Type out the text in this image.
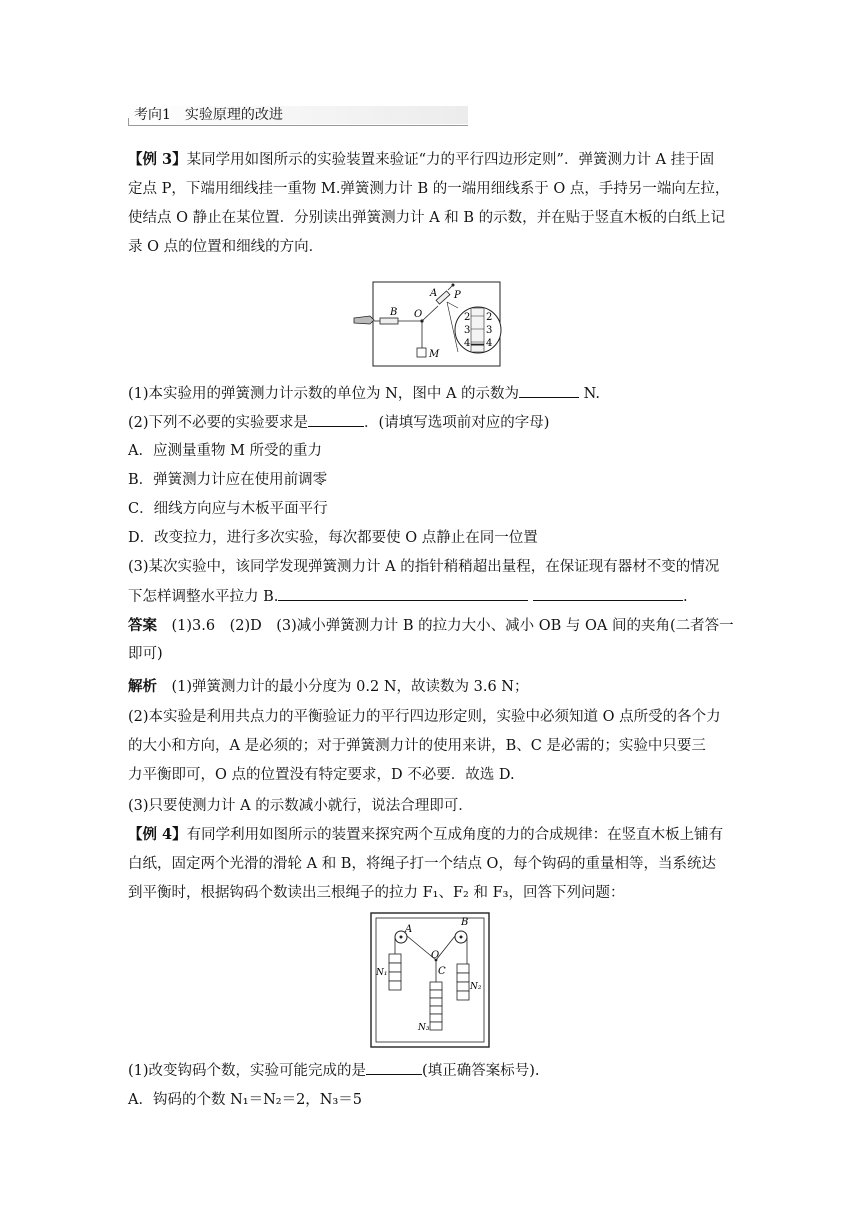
考向1　实验原理的改进
【例 3】某同学用如图所示的实验装置来验证“力的平行四边形定则”．弹簧测力计 A 挂于固
定点 P，下端用细线挂一重物 M.弹簧测力计 B 的一端用细线系于 O 点，手持另一端向左拉，
使结点 O 静止在某位置．分别读出弹簧测力计 A 和 B 的示数，并在贴于竖直木板的白纸上记
录 O 点的位置和细线的方向．
2
3
4
2
3
4
A P
B O
M
(1)本实验用的弹簧测力计示数的单位为 N，图中 A 的示数为	N.
(2)下列不必要的实验要求是	．(请填写选项前对应的字母)
A．应测量重物 M 所受的重力
B．弹簧测力计应在使用前调零
C．细线方向应与木板平面平行
D．改变拉力，进行多次实验，每次都要使 O 点静止在同一位置
(3)某次实验中，该同学发现弹簧测力计 A 的指针稍稍超出量程，在保证现有器材不变的情况
下怎样调整水平拉力 B.	.
答案　 (1)3.6　(2)D　(3)减小弹簧测力计 B 的拉力大小、减小 OB 与 OA 间的夹角(二者答一
即可)
解析　 (1)弹簧测力计的最小分度为 0.2 N，故读数为 3.6 N；
(2)本实验是利用共点力的平衡验证力的平行四边形定则，实验中必须知道 O 点所受的各个力
的大小和方向，A 是必须的；对于弹簧测力计的使用来讲，B、C 是必需的；实验中只要三
力平衡即可，O 点的位置没有特定要求，D 不必要．故选 D.
(3)只要使测力计 A 的示数减小就行，说法合理即可．
【例 4】有同学利用如图所示的装置来探究两个互成角度的力的合成规律：在竖直木板上铺有
白纸，固定两个光滑的滑轮 A 和 B，将绳子打一个结点 O，每个钩码的重量相等，当系统达
到平衡时，根据钩码个数读出三根绳子的拉力 F₁、F₂ 和 F₃，回答下列问题：
A
B
O
C
N₁
N₂
N₃
(1)改变钩码个数，实验可能完成的是	(填正确答案标号).
A．钩码的个数 N₁＝N₂＝2，N₃＝5
